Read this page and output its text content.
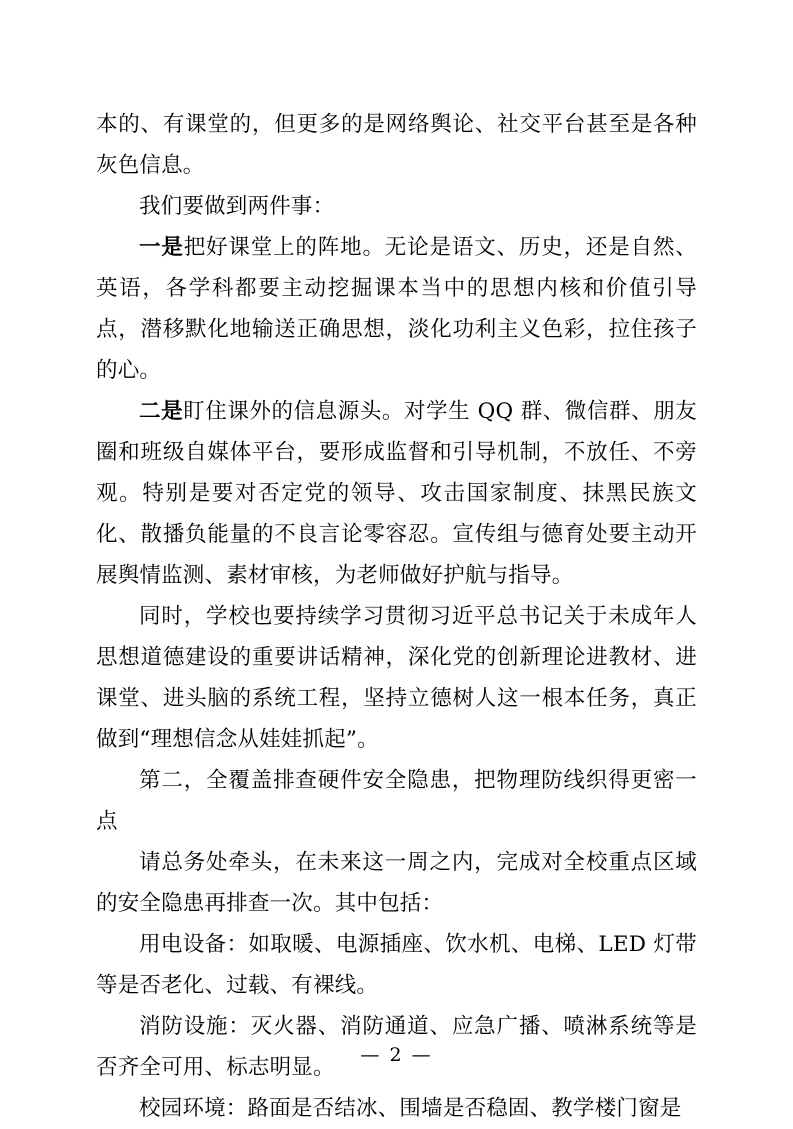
本的、有课堂的，但更多的是网络舆论、社交平台甚至是各种灰色信息。

我们要做到两件事：

一是把好课堂上的阵地。无论是语文、历史，还是自然、英语，各学科都要主动挖掘课本当中的思想内核和价值引导点，潜移默化地输送正确思想，淡化功利主义色彩，拉住孩子的心。

二是盯住课外的信息源头。对学生 QQ 群、微信群、朋友圈和班级自媒体平台，要形成监督和引导机制，不放任、不旁观。特别是要对否定党的领导、攻击国家制度、抹黑民族文化、散播负能量的不良言论零容忍。宣传组与德育处要主动开展舆情监测、素材审核，为老师做好护航与指导。

同时，学校也要持续学习贯彻习近平总书记关于未成年人思想道德建设的重要讲话精神，深化党的创新理论进教材、进课堂、进头脑的系统工程，坚持立德树人这一根本任务，真正做到“理想信念从娃娃抓起”。

第二，全覆盖排查硬件安全隐患，把物理防线织得更密一点

请总务处牵头，在未来这一周之内，完成对全校重点区域的安全隐患再排查一次。其中包括：

用电设备：如取暖、电源插座、饮水机、电梯、LED 灯带等是否老化、过载、有裸线。

消防设施：灭火器、消防通道、应急广播、喷淋系统等是否齐全可用、标志明显。

校园环境：路面是否结冰、围墙是否稳固、教学楼门窗是

— 2 —
